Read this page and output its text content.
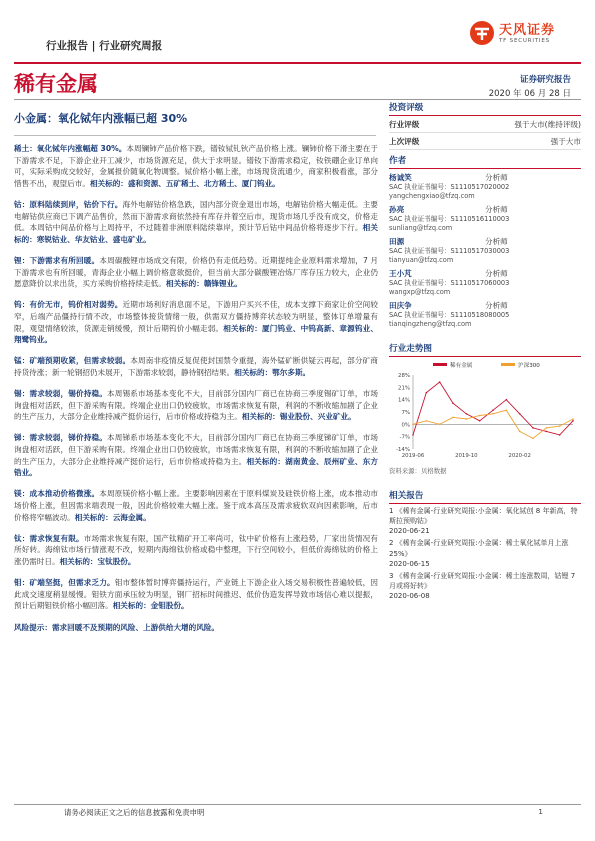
行业报告 | 行业研究周报
天风证券
TF SECURITIES
稀有金属	证券研究报告
2020 年 06 月 28 日
小金属：氧化铽年内涨幅已超 30%

稀土：氧化铽年内涨幅超 30%。本周镧铈产品价格下跌，镨钕铽钆钬产品价格上涨。镧铈价格下滑主要在于下游需求不足，下游企业开工减少，市场货源充足，供大于求明显。镨钕下游需求稳定，钕铁硼企业订单向可，实际采购成交较好，金属报价随氧化物调整。铽价格小幅上涨，市场现货流通少，商家积极看涨，部分惜售不出，观望后市。相关标的：盛和资源、五矿稀土、北方稀土、厦门钨业。

钴：原料陆续到岸，钴价下行。海外电解钴价格急跌，国内部分资金退出市场，电解钴价格大幅走低。主要电解钴供应商已下调产品售价，然而下游需求商依然持有库存并着空后市，现货市场几乎没有成交，价格走低。本周钴中间品价格与上周持平，不过随着非洲原料陆续靠岸，预计节后钴中间品价格将逐步下行。相关标的：寒锐钴业、华友钴业、盛屯矿业。

锂：下游需求有所回暖。本周碳酸锂市场成交有限，价格仍有走低趋势。近期提纯企业原料需求增加，7 月下游需求也有所回暖，青海企业小幅上调价格意欲挺价，但当前大部分碳酸锂冶炼厂库存压力较大，企业仍愿意降价以求出货，买方采购价格持续走低。相关标的：赣锋锂业。

钨：有价无市，钨价相对弱势。近期市场利好消息面不足，下游用户买兴不佳，成本支撑下商家让价空间较窄，后端产品僵持行情不改，市场整体接货情绪一般，供需双方僵持博弈状态较为明显，整体订单增量有限，观望情绪较浓，货源走销缓慢，预计后期钨价小幅走弱。相关标的：厦门钨业、中钨高新、章源钨业、翔鹭钨业。

锰：矿端预期收紧，但需求较弱。本周南非疫情反复促使封国禁令重提，海外锰矿断供疑云再起，部分矿商持货待涨；新一轮钢招仍未展开，下游需求较弱，静待钢招结果。相关标的：鄂尔多斯。

锡：需求较弱，锡价持稳。本周锡系市场基本变化不大，目前部分国内厂商已在协商三季度锡矿订单，市场询盘相对活跃，但下游采购有限。终端企业出口仍较疲软，市场需求恢复有限，利润的不断收缩加剧了企业的生产压力，大部分企业维持减产挺价运行，后市价格或持稳为主。相关标的：锡业股份、兴业矿业。

锑：需求较弱，锑价持稳。本周锑系市场基本变化不大，目前部分国内厂商已在协商三季度锑矿订单，市场询盘相对活跃，但下游采购有限。终端企业出口仍较疲软，市场需求恢复有限，利润的不断收缩加剧了企业的生产压力，大部分企业维持减产挺价运行，后市价格或持稳为主。相关标的：湖南黄金、辰州矿业、东方锆业。

镁：成本推动价格微涨。本周原镁价格小幅上涨。主要影响因素在于原料煤炭及硅铁价格上涨，成本推动市场价格上涨，但因需求端表现一般，因此价格较难大幅上涨。鉴于成本高压及需求疲软双向因素影响，后市价格将窄幅波动。相关标的：云海金属。

钛：需求恢复有限。市场需求恢复有限，国产钛精矿开工率尚可，钛中矿价格有上涨趋势，厂家出货情况有所好转。海绵钛市场行情涨观不改，短期内海绵钛价格或稳中整理，下行空间较小，但低价海绵钛的价格上涨仍需时日。相关标的：宝钛股份。

钼：矿端坚挺，但需求乏力。钼市整体暂时博弈僵持运行，产业链上下游企业入场交易积极性普遍较低，因此成交速度稍显缓慢。钼铁方面承压较为明显，钢厂招标时间推迟、低价伪造发挥导致市场信心难以提振，预计后期钼铁价格小幅回落。相关标的：金钼股份。

风险提示：需求回暖不及预期的风险、上游供给大增的风险。

投资评级
行业评级	强于大市(维持评级)
上次评级	强于大市
作者
杨诚笑	分析师
SAC 执业证书编号：S1110517020002
yangchengxiao@tfzq.com
孙亮	分析师
SAC 执业证书编号：S1110516110003
sunliang@tfzq.com
田源	分析师
SAC 执业证书编号：S1110517030003
tianyuan@tfzq.com
王小芃	分析师
SAC 执业证书编号：S1110517060003
wangxp@tfzq.com
田庆争	分析师
SAC 执业证书编号：S1110518080005
tianqingzheng@tfzq.com
行业走势图
28%
21%
14%
7%
0%
-7%
-14%
2019-06	2019-10	2020-02
稀有金属	沪深300
资料来源：贝格数据
相关报告
1 《稀有金属-行业研究周报:小金属：氧化铽创 8 年新高，特斯拉预购钴》
2020-06-21
2 《稀有金属-行业研究周报:小金属：稀土氧化铽单月上涨 25%》
2020-06-15
3 《稀有金属-行业研究周报:小金属：稀土连涨数周，钴锂 7 月或将好转》
2020-06-08
请务必阅读正文之后的信息披露和免责申明	1
